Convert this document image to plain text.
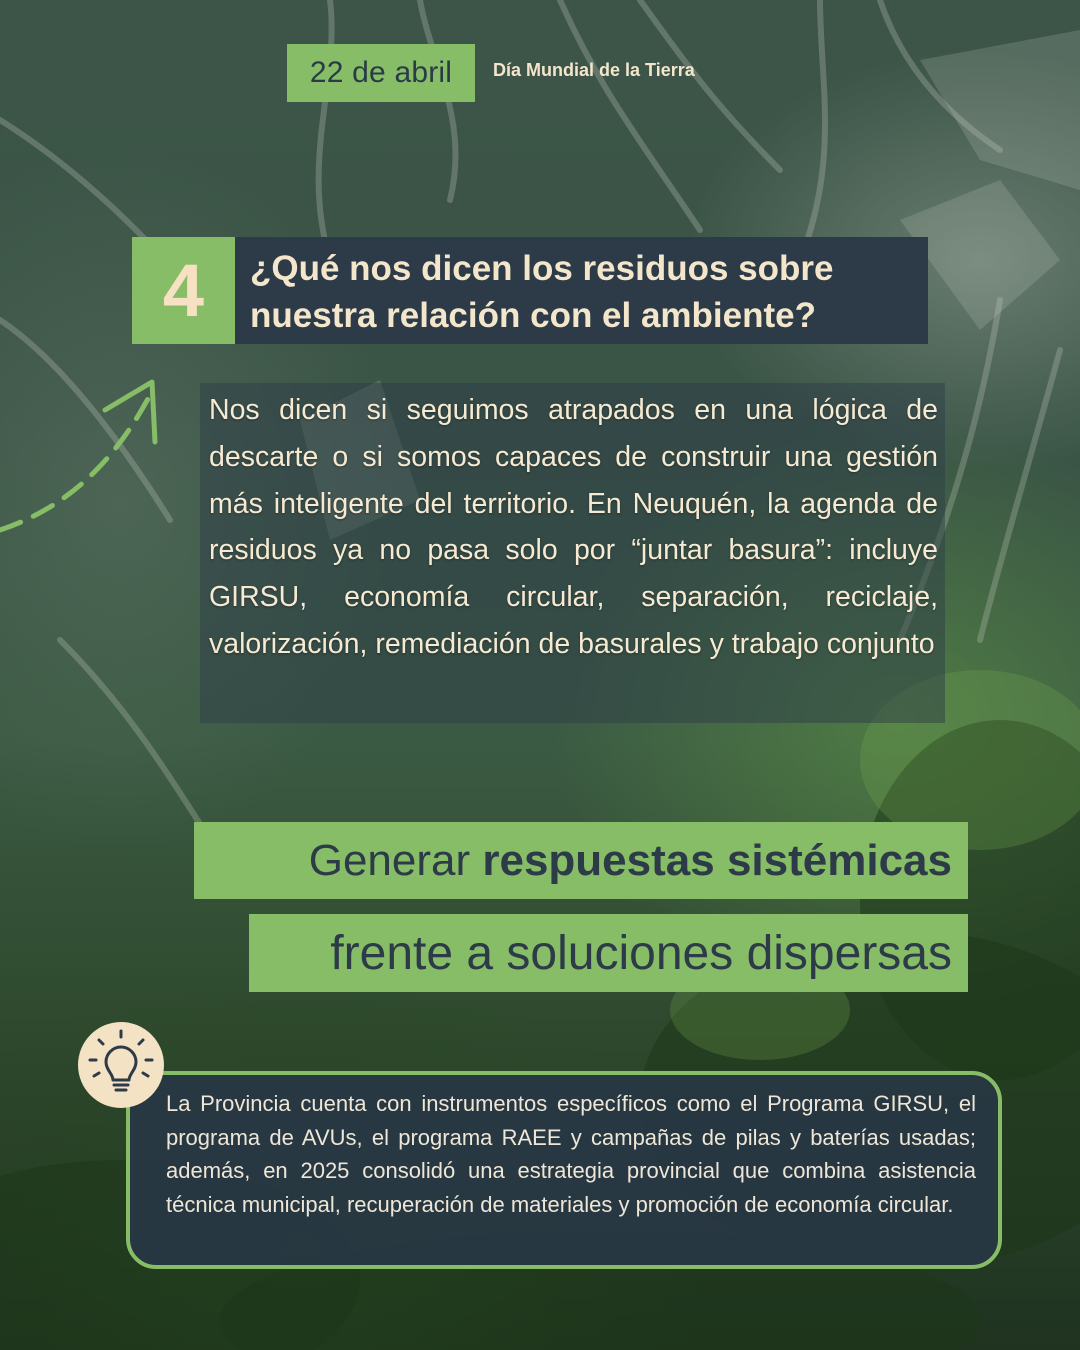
22 de abril Día Mundial de la Tierra
4 ¿Qué nos dicen los residuos sobre
nuestra relación con el ambiente?
Nos dicen si seguimos atrapados en una lógica de descarte o si somos capaces de construir una gestión más inteligente del territorio. En Neuquén, la agenda de residuos ya no pasa solo por “juntar basura”: incluye GIRSU, economía circular, separación, reciclaje, valorización, remediación de basurales y trabajo conjunto
Generar respuestas sistémicas
frente a soluciones dispersas
La Provincia cuenta con instrumentos específicos como el Programa GIRSU, el programa de AVUs, el programa RAEE y campañas de pilas y baterías usadas; además, en 2025 consolidó una estrategia provincial que combina asistencia técnica municipal, recuperación de materiales y promoción de economía circular.
